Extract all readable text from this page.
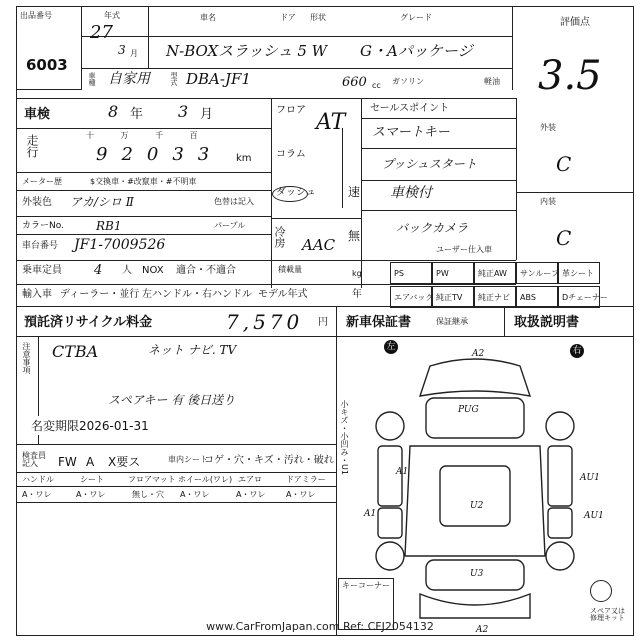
出品番号
6003
年式
27
3 月
車名	ドア 形状	グレード
N-BOXスラッシュ 5 W G・Aパッケージ
車種 自家用	型式 DBA-JF1	660 cc ガソリン	軽油
評価点
3.5
車検	8 年 3 月
走行	十 万 千 百
92033 km
メーター歴	$交換車・#改竄車・#不明車
外装色 アカ/シロ Ⅱ	色替は記入
カラーNo.	RB1	パープル
車台番号 JF1-7009526
乗車定員 4 人 NOX 適合・不適合	積載量	kg
輸入車 ディーラー・並行 左ハンドル・右ハンドル モデル年式	年
預託済リサイクル料金	7,570 円 新車保証書	保証継承	取扱説明書
フロア
コラム
ダッシュ
AT
速
冷房 AAC 無
PS	PW	純正AW サンルーフ 革シート
エアバッグ 純正TV 純正ナビ ABS	Dチェーナー
セールスポイント
スマートキー
プッシュスタート
車検付
バックカメラ
ユーザー仕入車
外装
C
内装
C
注意事項 CTBA	ネット ナビ. TV
スペアキー 有 後日送り
名変期限2026-01-31
検査員記入	FW A X要ス	車内シート
コゲ・穴・キズ・汚れ・破れ
ハンドル	シート	フロアマット ホイール(ワレ) エアロ	ドアミラー
A・ワレ	A・ワレ	無し・穴 A・ワレ	A・ワレ	A・ワレ
左	右
小キズ・小凹み・U1
A2
PUG
U2
A1
A1
AU1
AU1
U3
A2
キーコーナー
スペア又は修理キット
www.CarFromJapan.com Ref: CFJ2054132
